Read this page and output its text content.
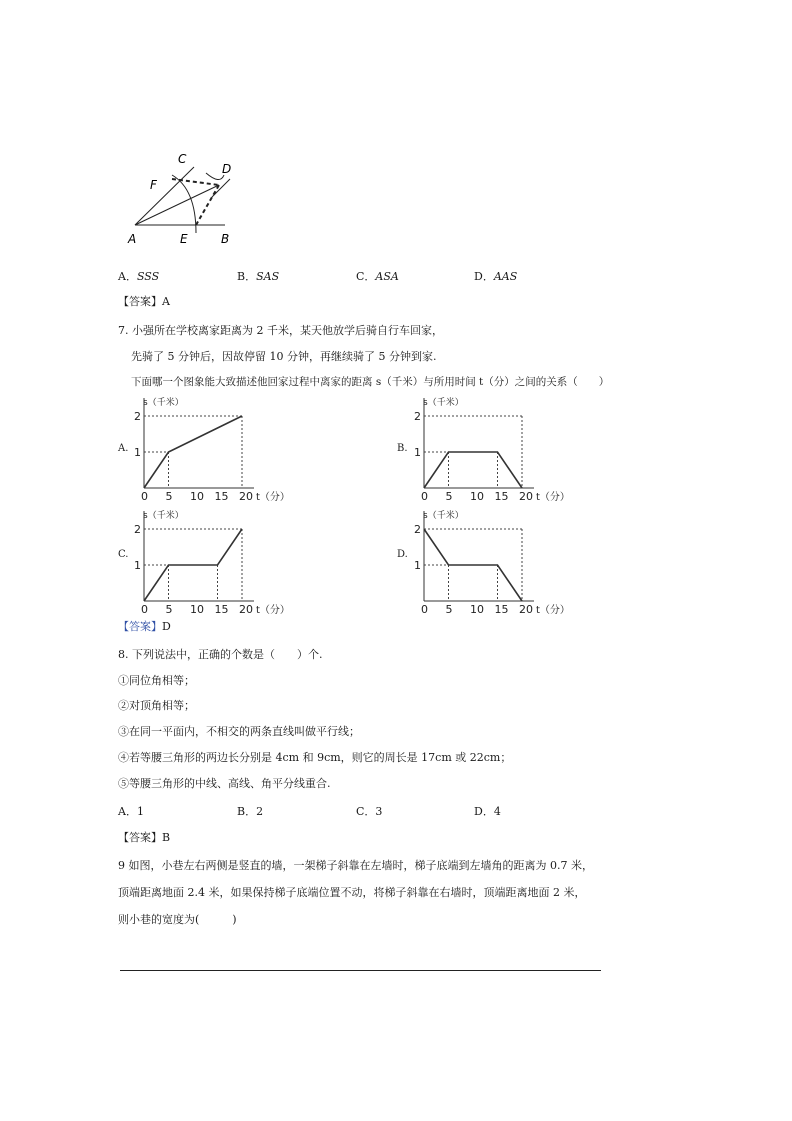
C
D
F
A	E	B
A．SSS	B．SAS	C．ASA	D．AAS
【答案】A
7. 小强所在学校离家距离为 2 千米，某天他放学后骑自行车回家，
先骑了 5 分钟后，因故停留 10 分钟，再继续骑了 5 分钟到家.
下面哪一个图象能大致描述他回家过程中离家的距离 s（千米）与所用时间 t（分）之间的关系（　　）
A.	B.
C.	D.
0 5 10 15 20
1
2
s（千米）
t（分）	0 5 10 15 20
1
2
s（千米）
t（分）
0 5 10 15 20
1
2
s（千米）
t（分）	0 5 10 15 20
1
2
s（千米）
t（分）
【答案】D
8. 下列说法中，正确的个数是（　　）个.
①同位角相等；
②对顶角相等；
③在同一平面内，不相交的两条直线叫做平行线；
④若等腰三角形的两边长分别是 4cm 和 9cm，则它的周长是 17cm 或 22cm；
⑤等腰三角形的中线、高线、角平分线重合.
A．1	B．2	C．3	D．4
【答案】B
9 如图，小巷左右两侧是竖直的墙，一架梯子斜靠在左墙时，梯子底端到左墙角的距离为 0.7 米，
顶端距离地面 2.4 米，如果保持梯子底端位置不动，将梯子斜靠在右墙时，顶端距离地面 2 米，
则小巷的宽度为(　　　)
